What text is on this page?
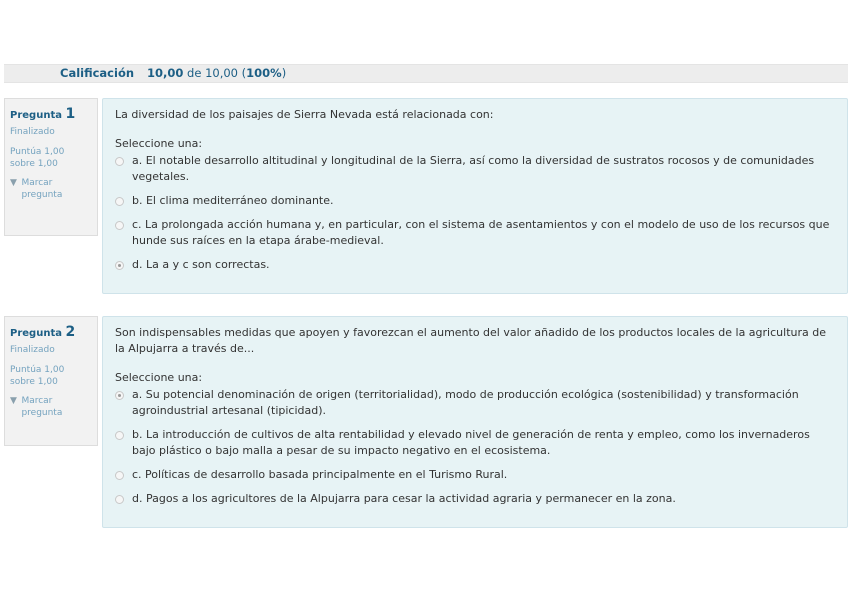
Calificación 10,00 de 10,00 (100%)
Pregunta 1
Finalizado
Puntúa 1,00
sobre 1,00
▼ Marcar pregunta
La diversidad de los paisajes de Sierra Nevada está relacionada con:
Seleccione una:
a. El notable desarrollo altitudinal y longitudinal de la Sierra, así como la diversidad de sustratos rocosos y de comunidades vegetales.
b. El clima mediterráneo dominante.
c. La prolongada acción humana y, en particular, con el sistema de asentamientos y con el modelo de uso de los recursos que hunde sus raíces en la etapa árabe-medieval.
d. La a y c son correctas.
Pregunta 2
Finalizado
Puntúa 1,00
sobre 1,00
▼ Marcar pregunta
Son indispensables medidas que apoyen y favorezcan el aumento del valor añadido de los productos locales de la agricultura de la Alpujarra a través de...
Seleccione una:
a. Su potencial denominación de origen (territorialidad), modo de producción ecológica (sostenibilidad) y transformación agroindustrial artesanal (tipicidad).
b. La introducción de cultivos de alta rentabilidad y elevado nivel de generación de renta y empleo, como los invernaderos bajo plástico o bajo malla a pesar de su impacto negativo en el ecosistema.
c. Políticas de desarrollo basada principalmente en el Turismo Rural.
d. Pagos a los agricultores de la Alpujarra para cesar la actividad agraria y permanecer en la zona.
